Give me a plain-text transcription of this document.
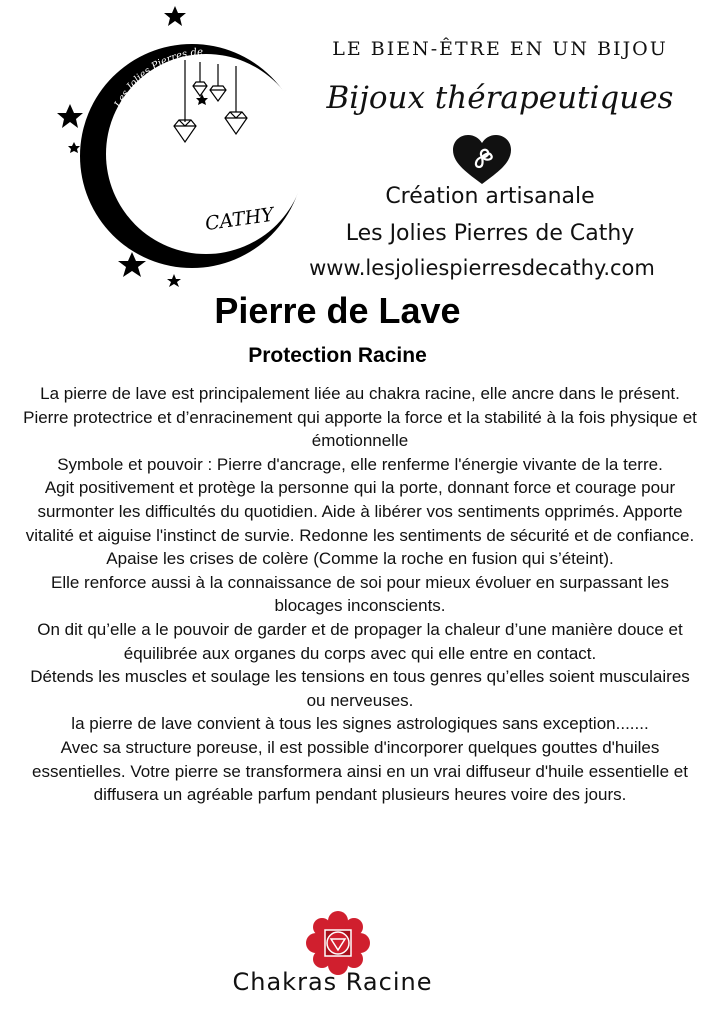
Les Jolies Pierres de
CATHY
LE BIEN-ÊTRE EN UN BIJOU
Bijoux thérapeutiques
Création artisanale
Les Jolies Pierres de Cathy
www.lesjoliespierresdecathy.com
Pierre de Lave
Protection Racine

La pierre de lave est principalement liée au chakra racine, elle ancre dans le présent. Pierre protectrice et d’enracinement qui apporte la force et la stabilité à la fois physique et émotionnelle

Symbole et pouvoir : Pierre d'ancrage, elle renferme l'énergie vivante de la terre.

Agit positivement et protège la personne qui la porte, donnant force et courage pour surmonter les difficultés du quotidien. Aide à libérer vos sentiments opprimés. Apporte vitalité et aiguise l'instinct de survie. Redonne les sentiments de sécurité et de confiance.

Apaise les crises de colère (Comme la roche en fusion qui s’éteint).

Elle renforce aussi à la connaissance de soi pour mieux évoluer en surpassant les blocages inconscients.

On dit qu’elle a le pouvoir de garder et de propager la chaleur d’une manière douce et équilibrée aux organes du corps avec qui elle entre en contact.

Détends les muscles et soulage les tensions en tous genres qu’elles soient musculaires ou nerveuses.

la pierre de lave convient à tous les signes astrologiques sans exception.......

Avec sa structure poreuse, il est possible d'incorporer quelques gouttes d'huiles essentielles. Votre pierre se transformera ainsi en un vrai diffuseur d'huile essentielle et diffusera un agréable parfum pendant plusieurs heures voire des jours.

Chakras Racine
